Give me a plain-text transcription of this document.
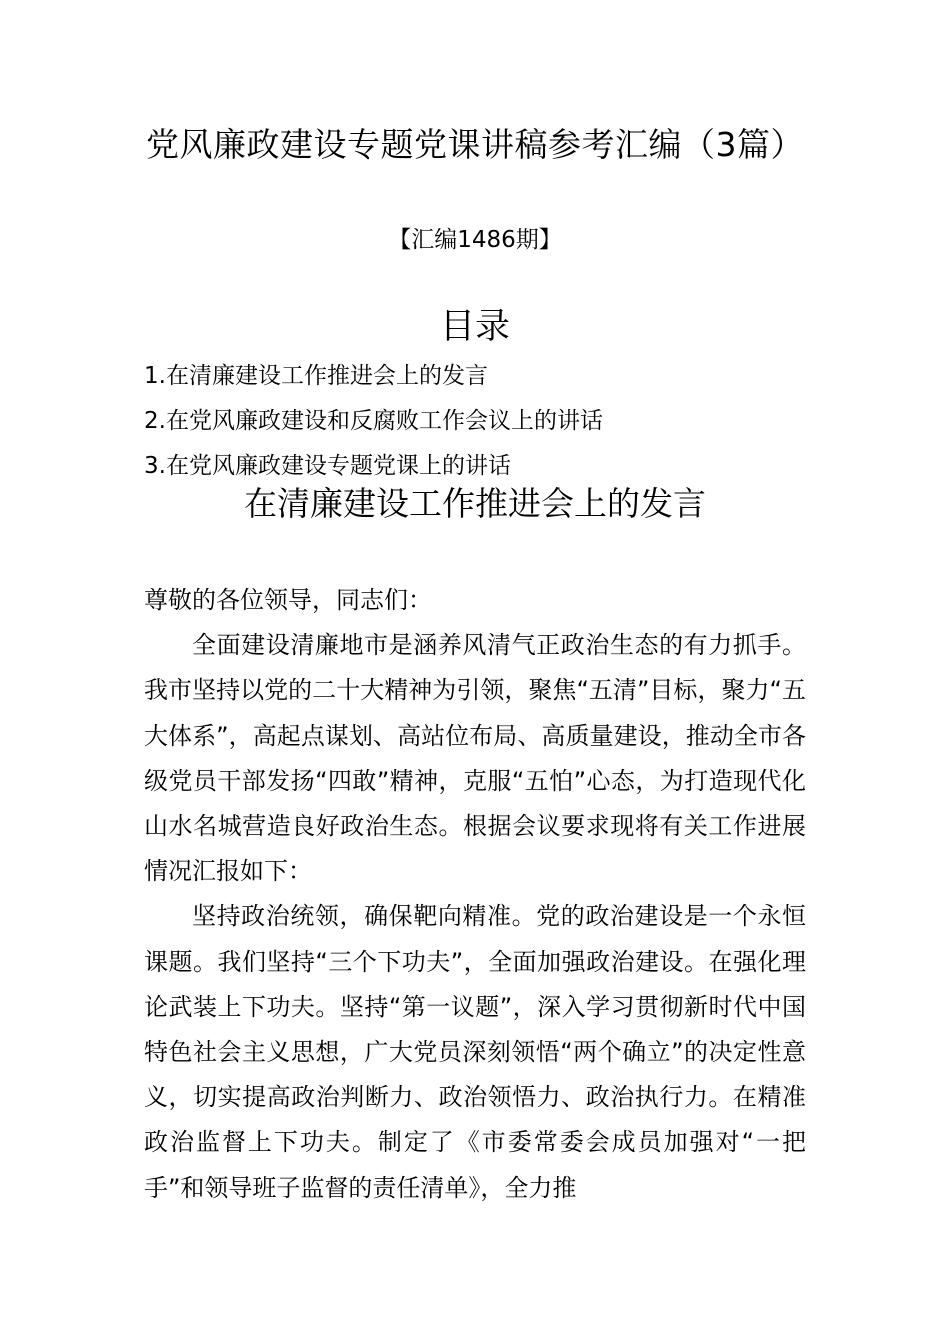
党风廉政建设专题党课讲稿参考汇编（3篇）
【汇编1486期】
目录
1.在清廉建设工作推进会上的发言
2.在党风廉政建设和反腐败工作会议上的讲话
3.在党风廉政建设专题党课上的讲话
在清廉建设工作推进会上的发言

尊敬的各位领导，同志们：

全面建设清廉地市是涵养风清气正政治生态的有力抓手。我市坚持以党的二十大精神为引领，聚焦“五清”目标，聚力“五大体系”，高起点谋划、高站位布局、高质量建设，推动全市各级党员干部发扬“四敢”精神，克服“五怕”心态，为打造现代化山水名城营造良好政治生态。根据会议要求现将有关工作进展情况汇报如下：

坚持政治统领，确保靶向精准。党的政治建设是一个永恒课题。我们坚持“三个下功夫”，全面加强政治建设。在强化理论武装上下功夫。坚持“第一议题”，深入学习贯彻新时代中国特色社会主义思想，广大党员深刻领悟“两个确立”的决定性意义，切实提高政治判断力、政治领悟力、政治执行力。在精准政治监督上下功夫。制定了《市委常委会成员加强对“一把手”和领导班子监督的责任清单》，全力推
